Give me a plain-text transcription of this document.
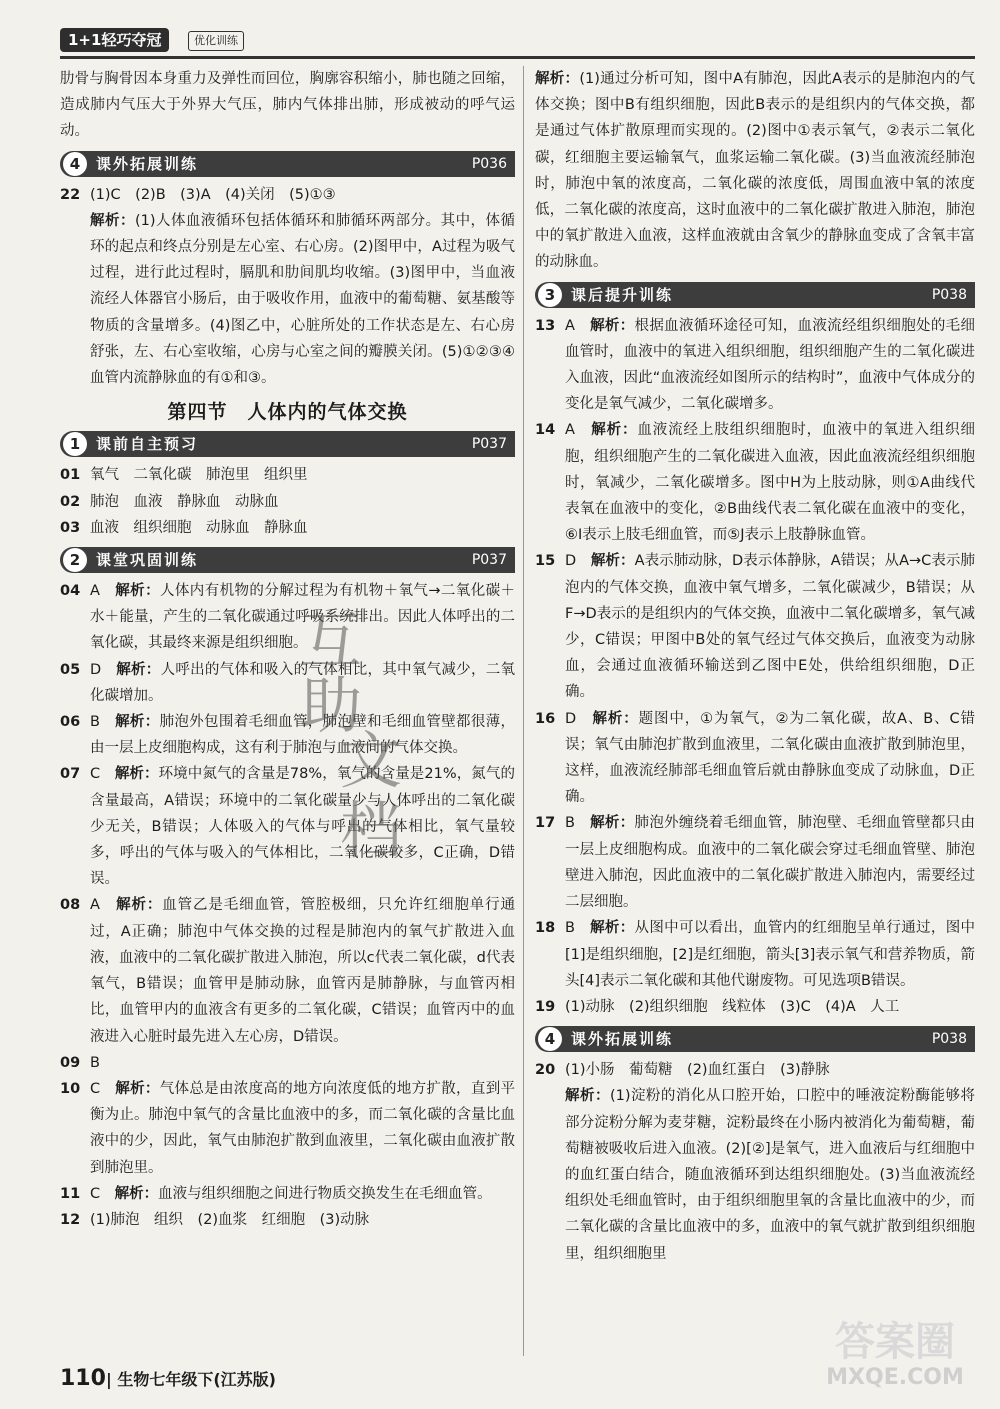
1+1轻巧夺冠	优化训练

肋骨与胸骨因本身重力及弹性而回位，胸廓容积缩小，肺也随之回缩，造成肺内气压大于外界大气压，肺内气体排出肺，形成被动的呼气运动。

4	课外拓展训练	P036
22 (1)C　(2)B　(3)A　(4)关闭　(5)①③

解析：(1)人体血液循环包括体循环和肺循环两部分。其中，体循环的起点和终点分别是左心室、右心房。(2)图甲中，A过程为吸气过程，进行此过程时，膈肌和肋间肌均收缩。(3)图甲中，当血液流经人体器官小肠后，由于吸收作用，血液中的葡萄糖、氨基酸等物质的含量增多。(4)图乙中，心脏所处的工作状态是左、右心房舒张，左、右心室收缩，心房与心室之间的瓣膜关闭。(5)①②③④血管内流静脉血的有①和③。

第四节　人体内的气体交换
1	课前自主预习	P037
01 氧气　二氧化碳　肺泡里　组织里
02 肺泡　血液　静脉血　动脉血
03 血液　组织细胞　动脉血　静脉血
2	课堂巩固训练	P037
04 A　解析：人体内有机物的分解过程为有机物＋氧气→二氧化碳＋水＋能量，产生的二氧化碳通过呼吸系统排出。因此人体呼出的二氧化碳，其最终来源是组织细胞。

05 D　解析：人呼出的气体和吸入的气体相比，其中氧气减少，二氧化碳增加。

06 B　解析：肺泡外包围着毛细血管，肺泡壁和毛细血管壁都很薄，由一层上皮细胞构成，这有利于肺泡与血液间的气体交换。

07 C　解析：环境中氮气的含量是78%，氧气的含量是21%，氮气的含量最高，A错误；环境中的二氧化碳量少与人体呼出的二氧化碳少无关，B错误；人体吸入的气体与呼出的气体相比，氧气量较多，呼出的气体与吸入的气体相比，二氧化碳较多，C正确，D错误。

08 A　解析：血管乙是毛细血管，管腔极细，只允许红细胞单行通过，A正确；肺泡中气体交换的过程是肺泡内的氧气扩散进入血液，血液中的二氧化碳扩散进入肺泡，所以c代表二氧化碳，d代表氧气，B错误；血管甲是肺动脉，血管丙是肺静脉，与血管丙相比，血管甲内的血液含有更多的二氧化碳，C错误；血管丙中的血液进入心脏时最先进入左心房，D错误。

09 B

10 C　解析：气体总是由浓度高的地方向浓度低的地方扩散，直到平衡为止。肺泡中氧气的含量比血液中的多，而二氧化碳的含量比血液中的少，因此，氧气由肺泡扩散到血液里，二氧化碳由血液扩散到肺泡里。

11 C　解析：血液与组织细胞之间进行物质交换发生在毛细血管。

12 (1)肺泡　组织　(2)血浆　红细胞　(3)动脉

解析：(1)通过分析可知，图中A有肺泡，因此A表示的是肺泡内的气体交换；图中B有组织细胞，因此B表示的是组织内的气体交换，都是通过气体扩散原理而实现的。(2)图中①表示氧气，②表示二氧化碳，红细胞主要运输氧气，血浆运输二氧化碳。(3)当血液流经肺泡时，肺泡中氧的浓度高，二氧化碳的浓度低，周围血液中氧的浓度低，二氧化碳的浓度高，这时血液中的二氧化碳扩散进入肺泡，肺泡中的氧扩散进入血液，这样血液就由含氧少的静脉血变成了含氧丰富的动脉血。

3	课后提升训练	P038
13 A　解析：根据血液循环途径可知，血液流经组织细胞处的毛细血管时，血液中的氧进入组织细胞，组织细胞产生的二氧化碳进入血液，因此“血液流经如图所示的结构时”，血液中气体成分的变化是氧气减少，二氧化碳增多。

14 A　解析：血液流经上肢组织细胞时，血液中的氧进入组织细胞，组织细胞产生的二氧化碳进入血液，因此血液流经组织细胞时，氧减少，二氧化碳增多。图中H为上肢动脉，则①A曲线代表氧在血液中的变化，②B曲线代表二氧化碳在血液中的变化，⑥I表示上肢毛细血管，而⑤J表示上肢静脉血管。

15 D　解析：A表示肺动脉，D表示体静脉，A错误；从A→C表示肺泡内的气体交换，血液中氧气增多，二氧化碳减少，B错误；从F→D表示的是组织内的气体交换，血液中二氧化碳增多，氧气减少，C错误；甲图中B处的氧气经过气体交换后，血液变为动脉血，会通过血液循环输送到乙图中E处，供给组织细胞，D正确。

16 D　解析：题图中，①为氧气，②为二氧化碳，故A、B、C错误；氧气由肺泡扩散到血液里，二氧化碳由血液扩散到肺泡里，这样，血液流经肺部毛细血管后就由静脉血变成了动脉血，D正确。

17 B　解析：肺泡外缠绕着毛细血管，肺泡壁、毛细血管壁都只由一层上皮细胞构成。血液中的二氧化碳会穿过毛细血管壁、肺泡壁进入肺泡，因此血液中的二氧化碳扩散进入肺泡内，需要经过二层细胞。

18 B　解析：从图中可以看出，血管内的红细胞呈单行通过，图中[1]是组织细胞，[2]是红细胞，箭头[3]表示氧气和营养物质，箭头[4]表示二氧化碳和其他代谢废物。可见选项B错误。

19 (1)动脉　(2)组织细胞　线粒体　(3)C　(4)A　人工

4	课外拓展训练	P038
20 (1)小肠　葡萄糖　(2)血红蛋白　(3)静脉

解析：(1)淀粉的消化从口腔开始，口腔中的唾液淀粉酶能够将部分淀粉分解为麦芽糖，淀粉最终在小肠内被消化为葡萄糖，葡萄糖被吸收后进入血液。(2)[②]是氧气，进入血液后与红细胞中的血红蛋白结合，随血液循环到达组织细胞处。(3)当血液流经组织处毛细血管时，由于组织细胞里氧的含量比血液中的少，而二氧化碳的含量比血液中的多，血液中的氧气就扩散到组织细胞里，组织细胞里

互
助
文
档
110| 生物七年级下(江苏版)
答案圈
MXQE.COM
